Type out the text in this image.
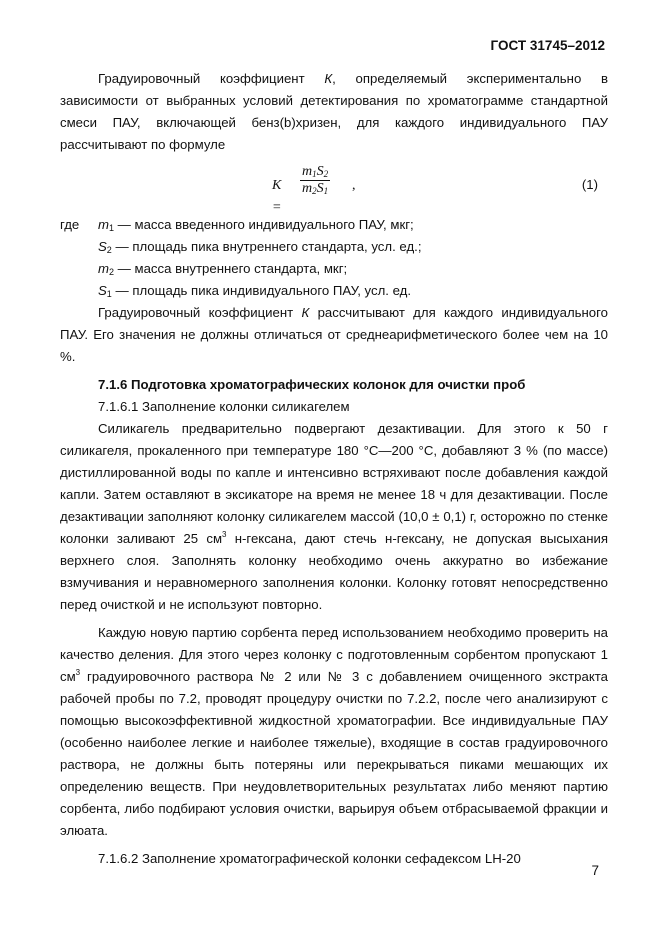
ГОСТ 31745–2012

Градуировочный коэффициент К, определяемый экспериментально в зависимости от выбранных условий детектирования по хроматограмме стандартной смеси ПАУ, включающей бенз(b)хризен, для каждого индивидуального ПАУ рассчитывают по формуле

K =
$\frac{m_1S_2}{m_2S_1}$ ,	(1)
где $m_1$ — масса введенного индивидуального ПАУ, мкг;
$S_2$ — площадь пика внутреннего стандарта, усл. ед.;
$m_2$ — масса внутреннего стандарта, мкг;
$S_1$ — площадь пика индивидуального ПАУ, усл. ед.

Градуировочный коэффициент К рассчитывают для каждого индивидуального ПАУ. Его значения не должны отличаться от среднеарифметического более чем на 10 %.

7.1.6 Подготовка хроматографических колонок для очистки проб

7.1.6.1 Заполнение колонки силикагелем

Силикагель предварительно подвергают дезактивации. Для этого к 50 г силикагеля, прокаленного при температуре 180 °С—200 °С, добавляют 3 % (по массе) дистиллированной воды по капле и интенсивно встряхивают после добавления каждой капли. Затем оставляют в эксикаторе на время не менее 18 ч для дезактивации. После дезактивации заполняют колонку силикагелем массой (10,0 ± 0,1) г, осторожно по стенке колонки заливают 25 $см^3$ н-гексана, дают стечь н-гексану, не допуская высыхания верхнего слоя. Заполнять колонку необходимо очень аккуратно во избежание взмучивания и неравномерного заполнения колонки. Колонку готовят непосредственно перед очисткой и не используют повторно.

Каждую новую партию сорбента перед использованием необходимо проверить на качество деления. Для этого через колонку с подготовленным сорбентом пропускают 1 $см^3$ градуировочного раствора № 2 или № 3 с добавлением очищенного экстракта рабочей пробы по 7.2, проводят процедуру очистки по 7.2.2, после чего анализируют с помощью высокоэффективной жидкостной хроматографии. Все индивидуальные ПАУ (особенно наиболее легкие и наиболее тяжелые), входящие в состав градуировочного раствора, не должны быть потеряны или перекрываться пиками мешающих их определению веществ. При неудовлетворительных результатах либо меняют партию сорбента, либо подбирают условия очистки, варьируя объем отбрасываемой фракции и элюата.

7.1.6.2 Заполнение хроматографической колонки сефадексом LH-20

7
